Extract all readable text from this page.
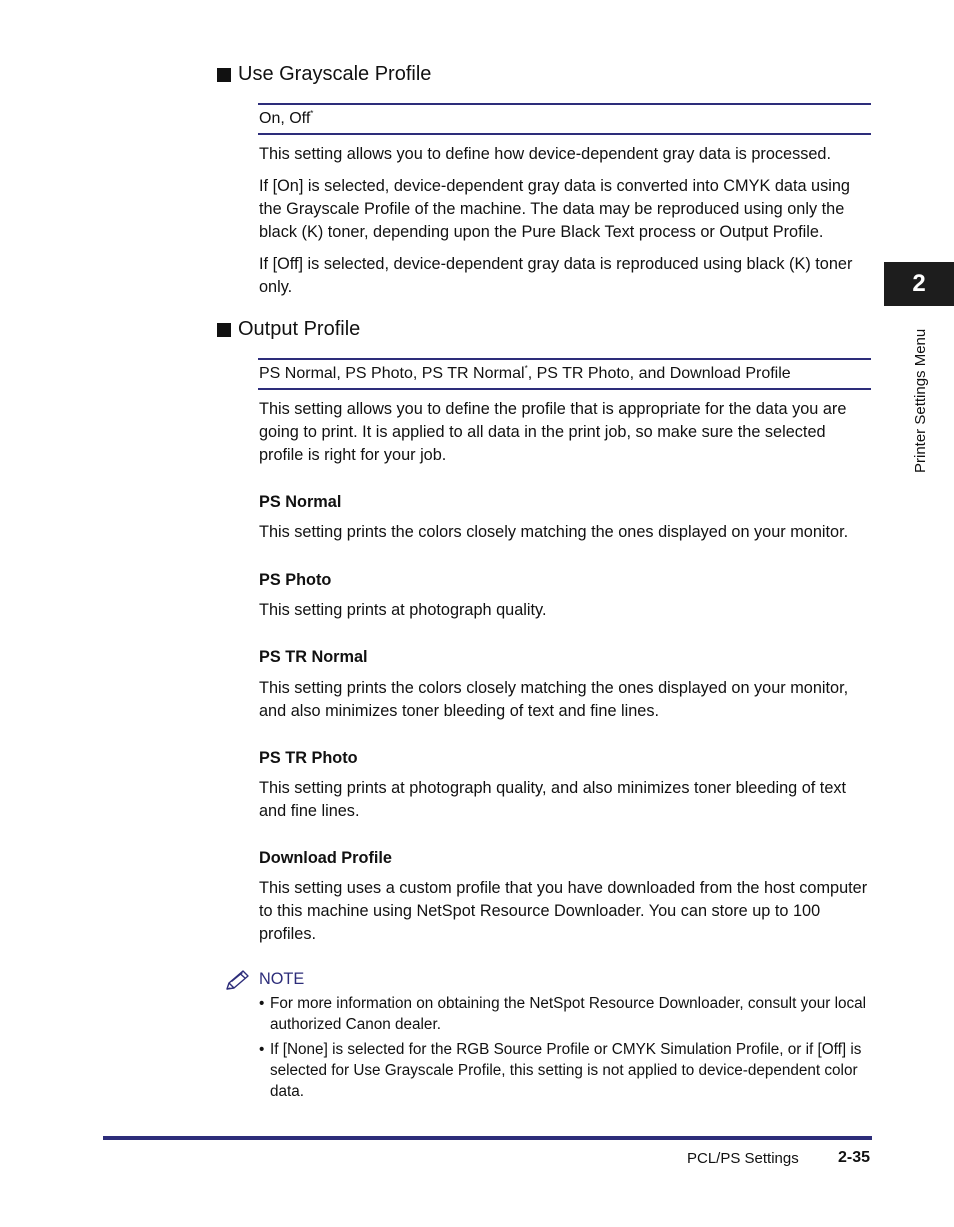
Use Grayscale Profile
On, Off*

This setting allows you to define how device-dependent gray data is processed.

If [On] is selected, device-dependent gray data is converted into CMYK data using the Grayscale Profile of the machine. The data may be reproduced using only the black (K) toner, depending upon the Pure Black Text process or Output Profile.

If [Off] is selected, device-dependent gray data is reproduced using black (K) toner only.

Output Profile
PS Normal, PS Photo, PS TR Normal*, PS TR Photo, and Download Profile

This setting allows you to define the profile that is appropriate for the data you are going to print. It is applied to all data in the print job, so make sure the selected profile is right for your job.

PS Normal

This setting prints the colors closely matching the ones displayed on your monitor.

PS Photo

This setting prints at photograph quality.

PS TR Normal

This setting prints the colors closely matching the ones displayed on your monitor, and also minimizes toner bleeding of text and fine lines.

PS TR Photo

This setting prints at photograph quality, and also minimizes toner bleeding of text and fine lines.

Download Profile

This setting uses a custom profile that you have downloaded from the host computer to this machine using NetSpot Resource Downloader. You can store up to 100 profiles.

NOTE
• For more information on obtaining the NetSpot Resource Downloader, consult your local authorized Canon dealer.
• If [None] is selected for the RGB Source Profile or CMYK Simulation Profile, or if [Off] is selected for Use Grayscale Profile, this setting is not applied to device-dependent color data.
2
Printer Settings Menu
PCL/PS Settings 2-35
